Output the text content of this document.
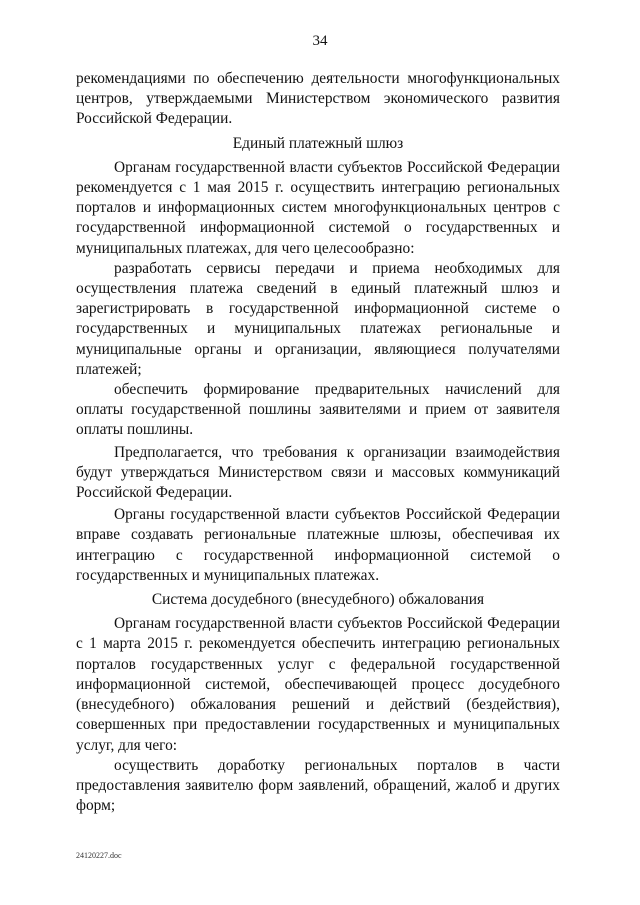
34

рекомендациями по обеспечению деятельности многофункциональных центров, утверждаемыми Министерством экономического развития Российской Федерации.

Единый платежный шлюз

Органам государственной власти субъектов Российской Федерации рекомендуется с 1 мая 2015 г. осуществить интеграцию региональных порталов и информационных систем многофункциональных центров с государственной информационной системой о государственных и муниципальных платежах, для чего целесообразно:

разработать сервисы передачи и приема необходимых для осуществления платежа сведений в единый платежный шлюз и зарегистрировать в государственной информационной системе о государственных и муниципальных платежах региональные и муниципальные органы и организации, являющиеся получателями платежей;

обеспечить формирование предварительных начислений для оплаты государственной пошлины заявителями и прием от заявителя оплаты пошлины.

Предполагается, что требования к организации взаимодействия будут утверждаться Министерством связи и массовых коммуникаций Российской Федерации.

Органы государственной власти субъектов Российской Федерации вправе создавать региональные платежные шлюзы, обеспечивая их интеграцию с государственной информационной системой о государственных и муниципальных платежах.

Система досудебного (внесудебного) обжалования

Органам государственной власти субъектов Российской Федерации с 1 марта 2015 г. рекомендуется обеспечить интеграцию региональных порталов государственных услуг с федеральной государственной информационной системой, обеспечивающей процесс досудебного (внесудебного) обжалования решений и действий (бездействия), совершенных при предоставлении государственных и муниципальных услуг, для чего:

осуществить доработку региональных порталов в части предоставления заявителю форм заявлений, обращений, жалоб и других форм;

24120227.doc
